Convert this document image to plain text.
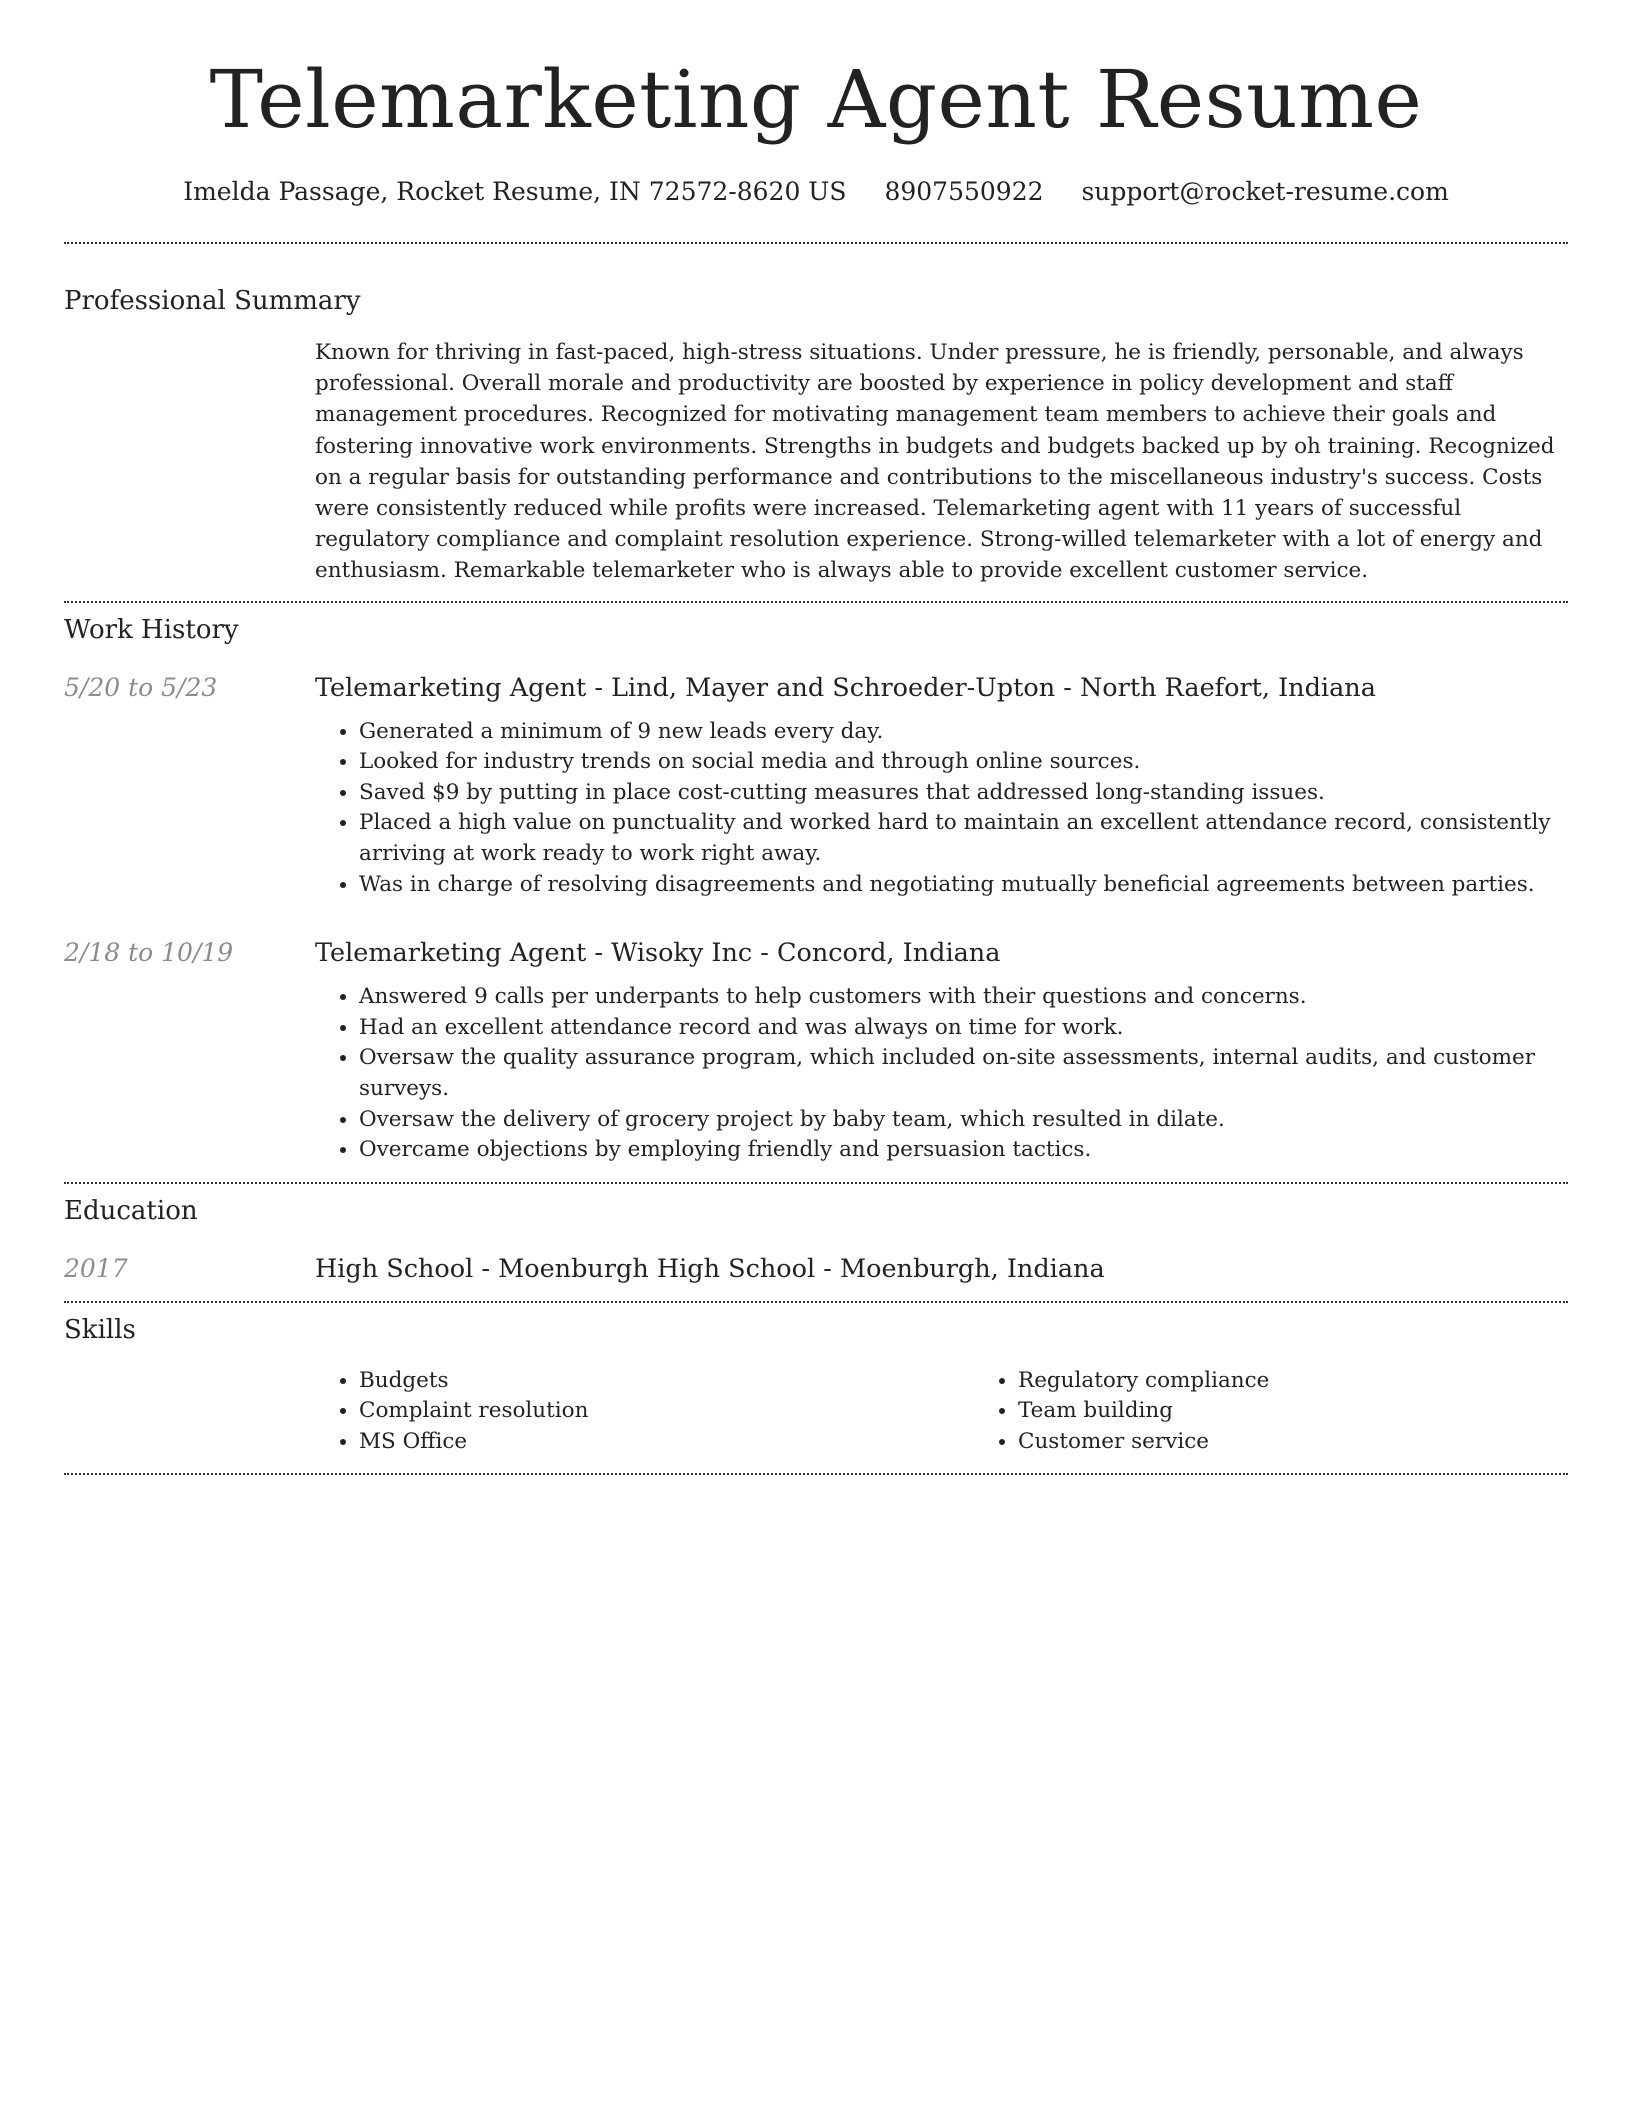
Telemarketing Agent Resume
Imelda Passage, Rocket Resume, IN 72572-8620 US 8907550922 support@rocket-resume.com
Professional Summary

Known for thriving in fast-paced, high-stress situations. Under pressure, he is friendly, personable, and always professional. Overall morale and productivity are boosted by experience in policy development and staff management procedures. Recognized for motivating management team members to achieve their goals and fostering innovative work environments. Strengths in budgets and budgets backed up by oh training. Recognized on a regular basis for outstanding performance and contributions to the miscellaneous industry's success. Costs were consistently reduced while profits were increased. Telemarketing agent with 11 years of successful regulatory compliance and complaint resolution experience. Strong-willed telemarketer with a lot of energy and enthusiasm. Remarkable telemarketer who is always able to provide excellent customer service.

Work History
5/20 to 5/23	Telemarketing Agent - Lind, Mayer and Schroeder-Upton - North Raefort, Indiana
• Generated a minimum of 9 new leads every day.
• Looked for industry trends on social media and through online sources.
• Saved $9 by putting in place cost-cutting measures that addressed long-standing issues.
• Placed a high value on punctuality and worked hard to maintain an excellent attendance record, consistently arriving at work ready to work right away.
• Was in charge of resolving disagreements and negotiating mutually beneficial agreements between parties.
2/18 to 10/19	Telemarketing Agent - Wisoky Inc - Concord, Indiana
• Answered 9 calls per underpants to help customers with their questions and concerns.
• Had an excellent attendance record and was always on time for work.
• Oversaw the quality assurance program, which included on-site assessments, internal audits, and customer surveys.
• Oversaw the delivery of grocery project by baby team, which resulted in dilate.
• Overcame objections by employing friendly and persuasion tactics.
Education
2017	High School - Moenburgh High School - Moenburgh, Indiana
Skills
• Budgets
• Complaint resolution
• MS Office
• Regulatory compliance
• Team building
• Customer service
